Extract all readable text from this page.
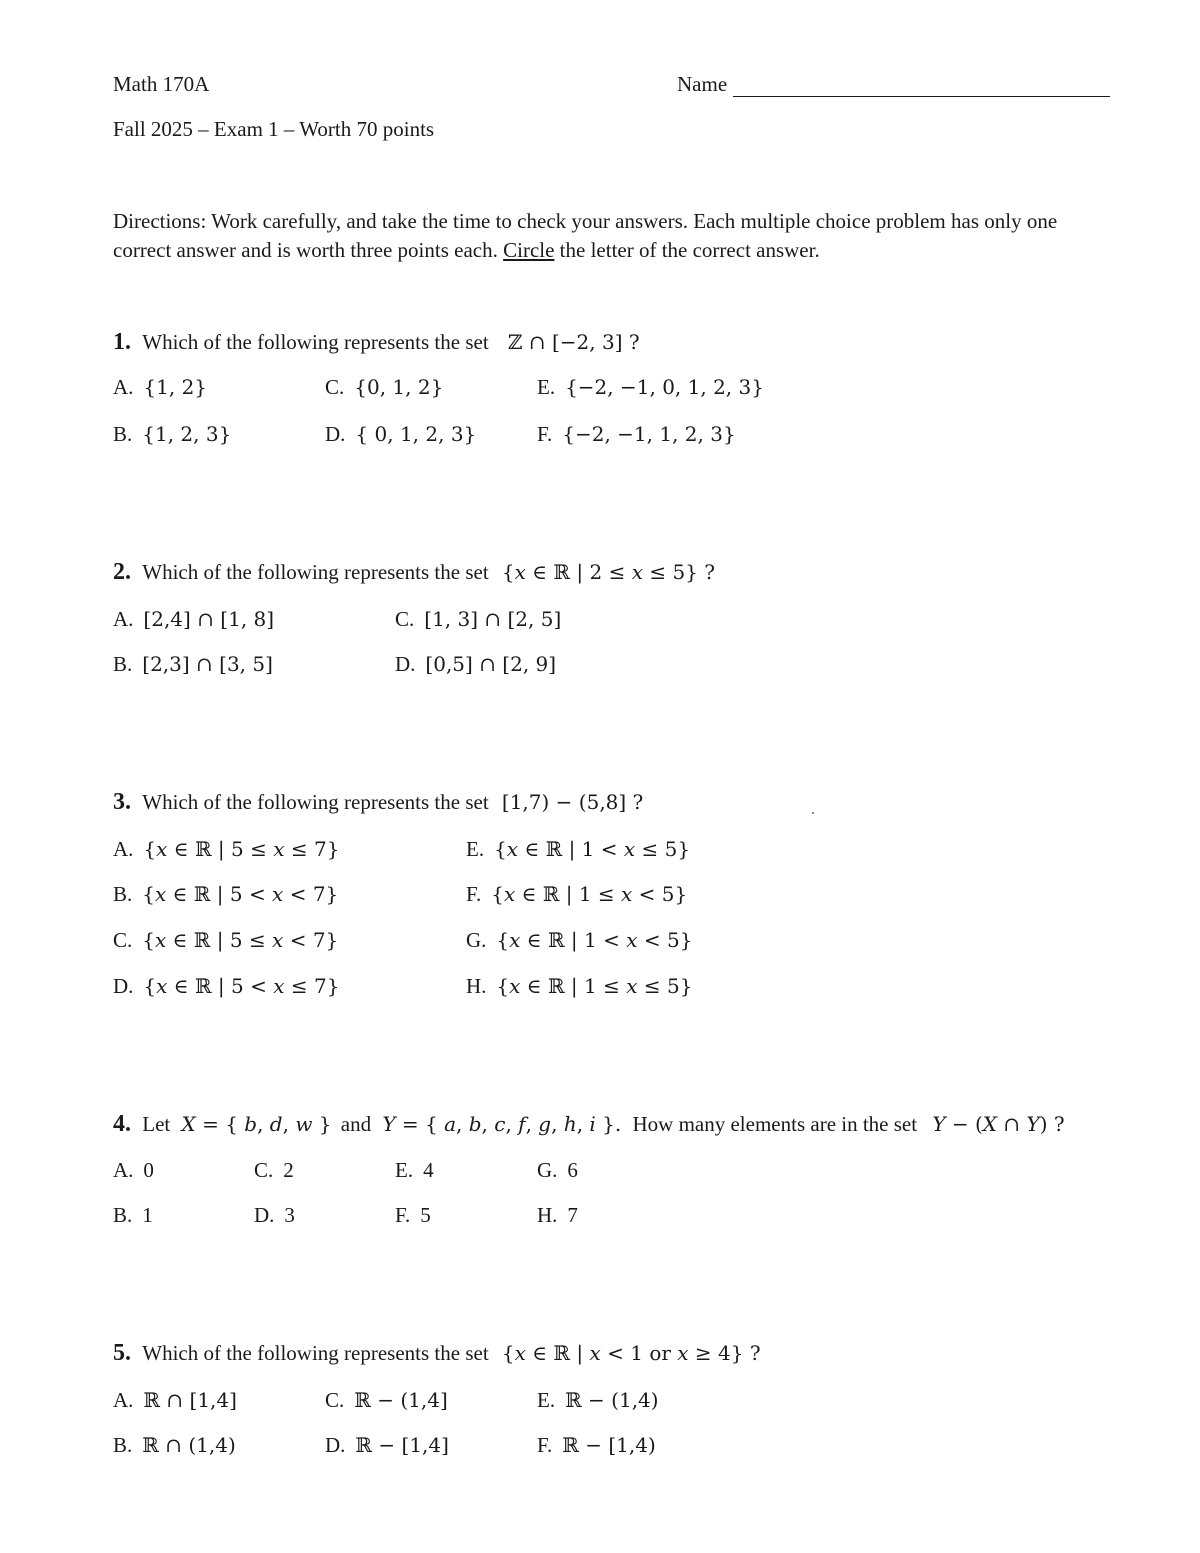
Math 170A	Name
Fall 2025 – Exam 1 – Worth 70 points
Directions: Work carefully, and take the time to check your answers. Each multiple choice problem has only one correct answer and is worth three points each. Circle the letter of the correct answer.
1. Which of the following represents the set ℤ ∩ [−2, 3] ?
A. {1, 2}
B. {1, 2, 3}
C. {0, 1, 2}
D. { 0, 1, 2, 3}
E. {−2, −1, 0, 1, 2, 3}
F. {−2, −1, 1, 2, 3}
2. Which of the following represents the set {𝑥 ∈ ℝ | 2 ≤ 𝑥 ≤ 5} ?
A. [2,4] ∩ [1, 8]
B. [2,3] ∩ [3, 5]
C. [1, 3] ∩ [2, 5]
D. [0,5] ∩ [2, 9]
3. Which of the following represents the set [1,7) − (5,8] ?
A. {𝑥 ∈ ℝ | 5 ≤ 𝑥 ≤ 7}
B. {𝑥 ∈ ℝ | 5 < 𝑥 < 7}
C. {𝑥 ∈ ℝ | 5 ≤ 𝑥 < 7}
D. {𝑥 ∈ ℝ | 5 < 𝑥 ≤ 7}
E. {𝑥 ∈ ℝ | 1 < 𝑥 ≤ 5}
F. {𝑥 ∈ ℝ | 1 ≤ 𝑥 < 5}
G. {𝑥 ∈ ℝ | 1 < 𝑥 < 5}
H. {𝑥 ∈ ℝ | 1 ≤ 𝑥 ≤ 5}
4. Let 𝑋 = { 𝑏, 𝑑, 𝑤 } and 𝑌 = { 𝑎, 𝑏, 𝑐, 𝑓, 𝑔, ℎ, 𝑖 }. How many elements are in the set 𝑌 − (𝑋 ∩ 𝑌) ?
A. 0
B. 1
C. 2
D. 3
E. 4
F. 5
G. 6
H. 7
5. Which of the following represents the set {𝑥 ∈ ℝ | 𝑥 < 1 or 𝑥 ≥ 4} ?
A. ℝ ∩ [1,4]
B. ℝ ∩ (1,4)
C. ℝ − (1,4]
D. ℝ − [1,4]
E. ℝ − (1,4)
F. ℝ − [1,4)
